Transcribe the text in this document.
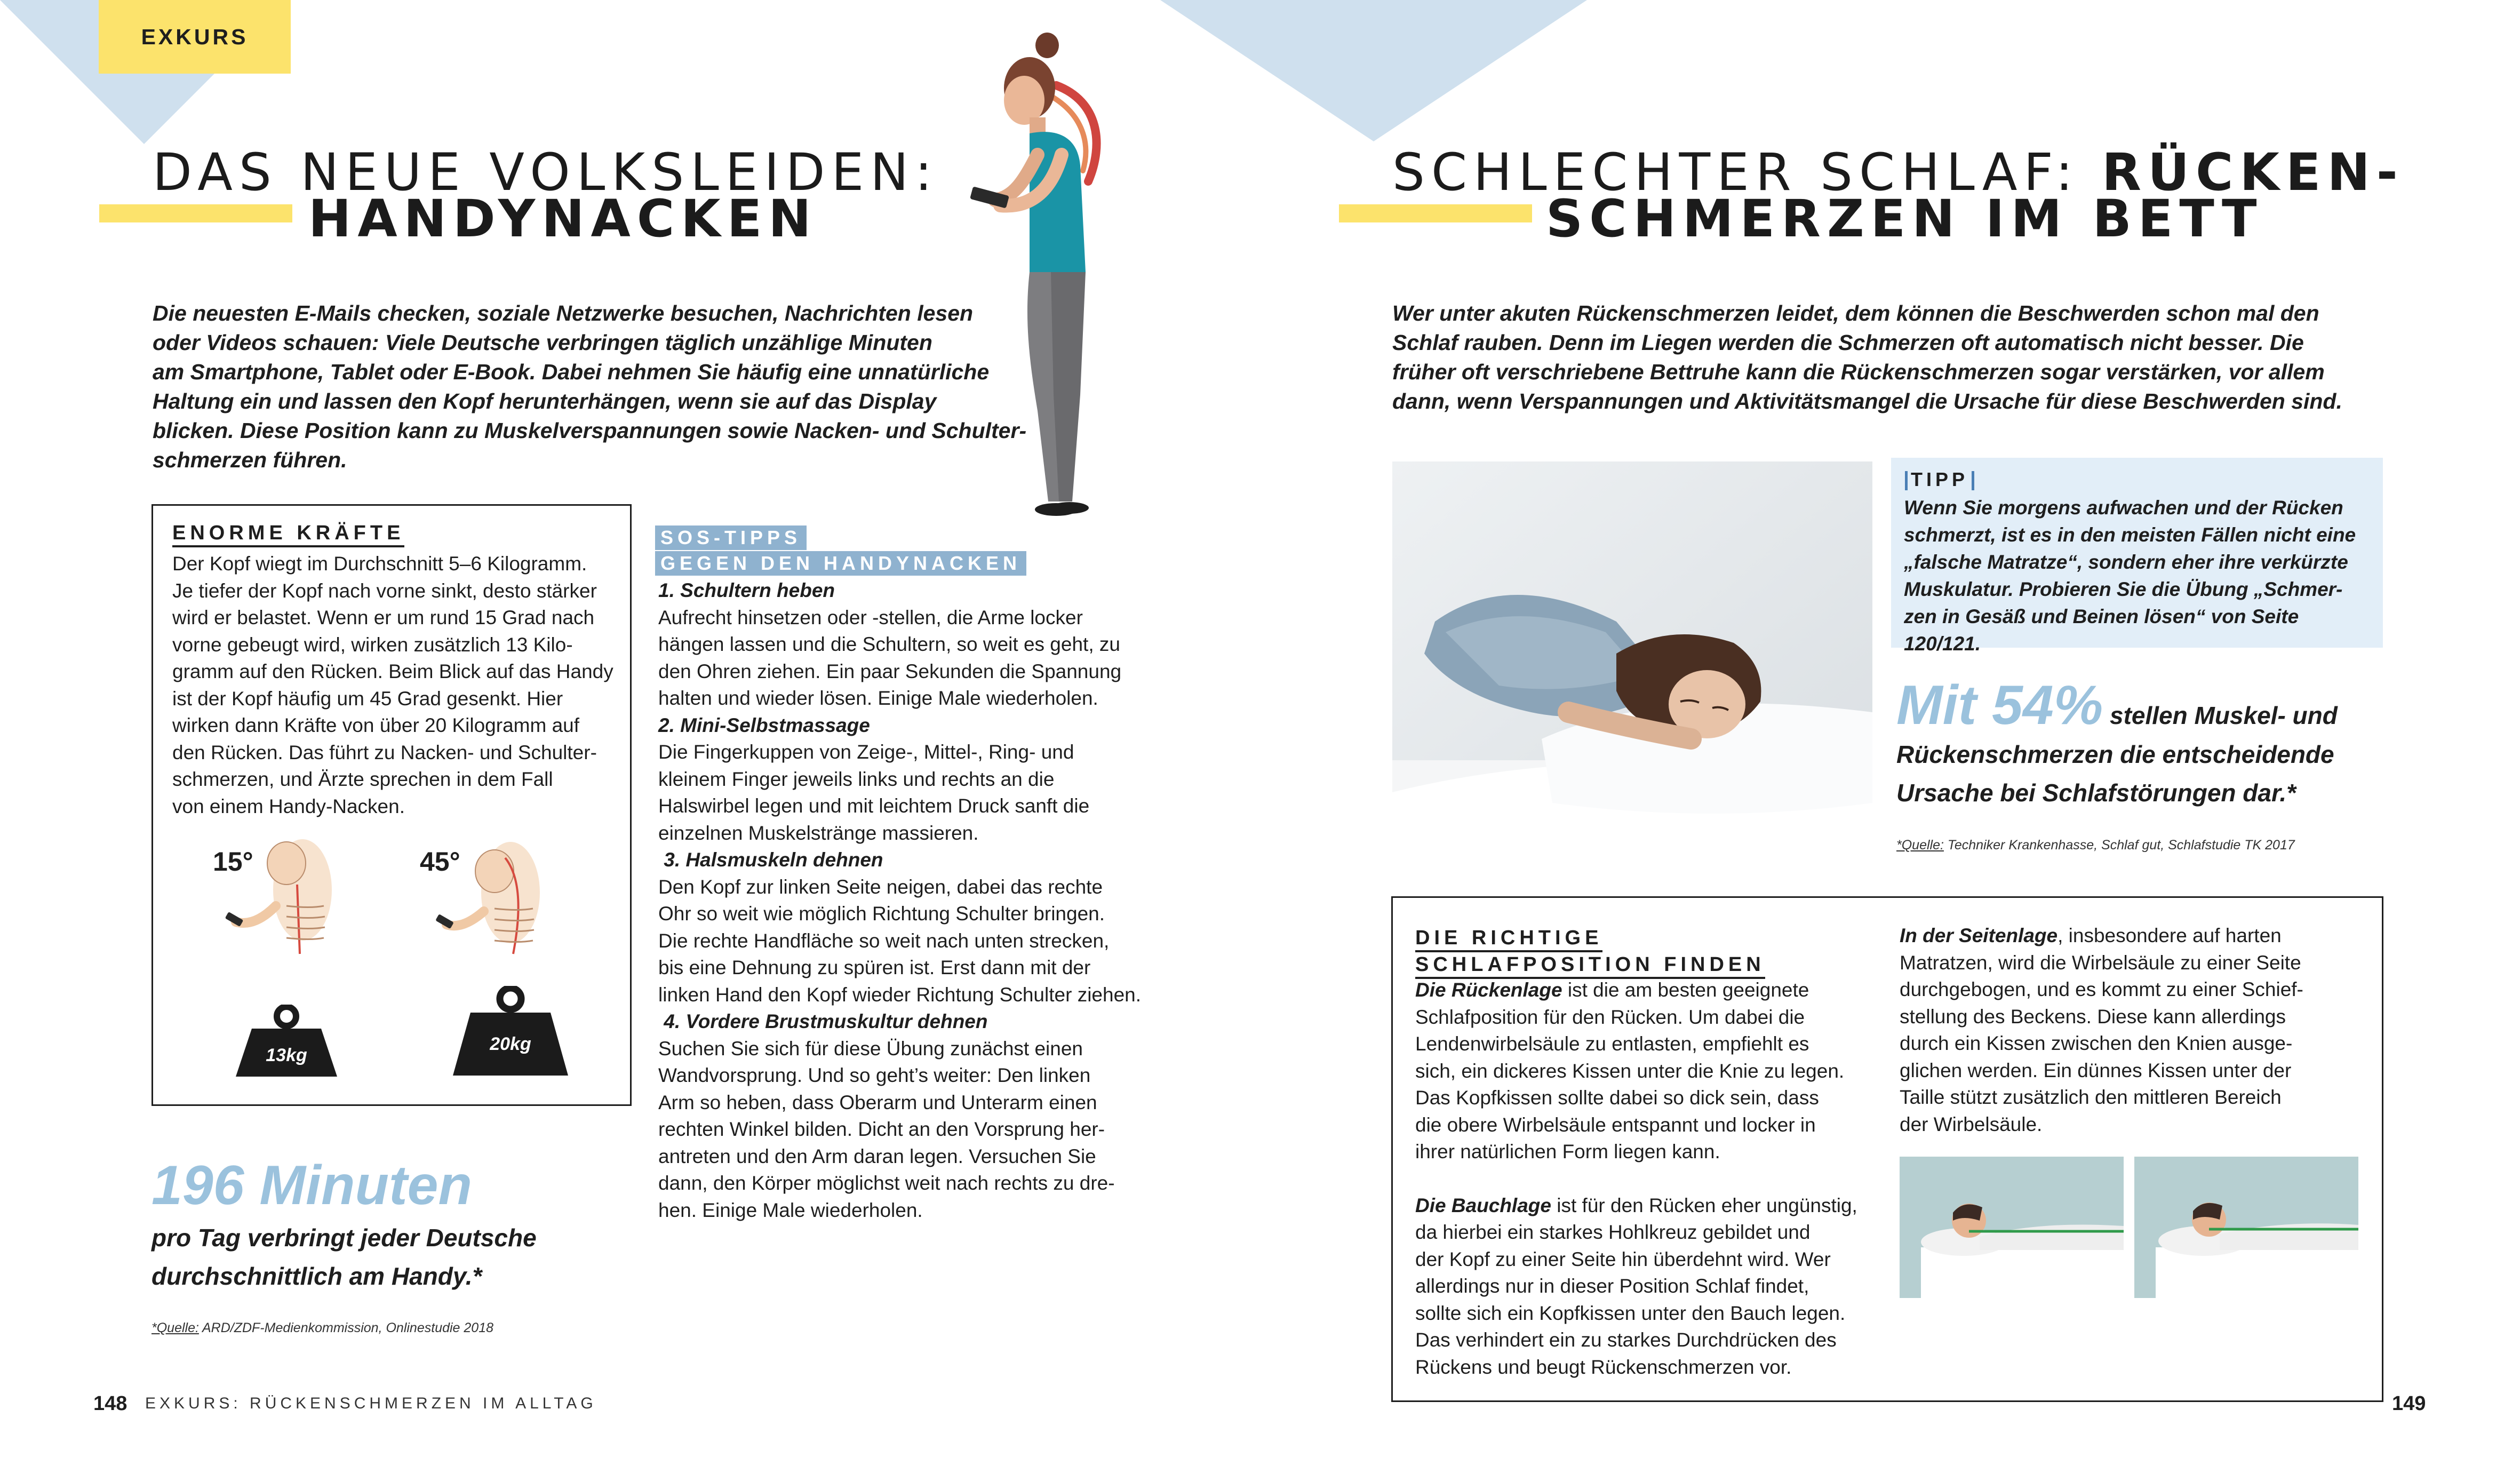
EXKURS
DAS NEUE VOLKSLEIDEN:
HANDYNACKEN
Die neuesten E-Mails checken, soziale Netzwerke besuchen, Nachrichten lesen
oder Videos schauen: Viele Deutsche verbringen täglich unzählige Minuten
am Smartphone, Tablet oder E-Book. Dabei nehmen Sie häufig eine unnatürliche
Haltung ein und lassen den Kopf herunterhängen, wenn sie auf das Display
blicken. Diese Position kann zu Muskelverspannungen sowie Nacken- und Schulter-
schmerzen führen.
ENORME KRÄFTE
Der Kopf wiegt im Durchschnitt 5–6 Kilogramm.
Je tiefer der Kopf nach vorne sinkt, desto stärker
wird er belastet. Wenn er um rund 15 Grad nach
vorne gebeugt wird, wirken zusätzlich 13 Kilo-
gramm auf den Rücken. Beim Blick auf das Handy
ist der Kopf häufig um 45 Grad gesenkt. Hier
wirken dann Kräfte von über 20 Kilogramm auf
den Rücken. Das führt zu Nacken- und Schulter-
schmerzen, und Ärzte sprechen in dem Fall
von einem Handy-Nacken.
15°	45°
13kg
20kg
SOS-TIPPS
GEGEN DEN HANDYNACKEN
1. Schultern heben
Aufrecht hinsetzen oder -stellen, die Arme locker
hängen lassen und die Schultern, so weit es geht, zu
den Ohren ziehen. Ein paar Sekunden die Spannung
halten und wieder lösen. Einige Male wiederholen.
2. Mini-Selbstmassage
Die Fingerkuppen von Zeige-, Mittel-, Ring- und
kleinem Finger jeweils links und rechts an die
Halswirbel legen und mit leichtem Druck sanft die
einzelnen Muskelstränge massieren.
3. Halsmuskeln dehnen
Den Kopf zur linken Seite neigen, dabei das rechte
Ohr so weit wie möglich Richtung Schulter bringen.
Die rechte Handfläche so weit nach unten strecken,
bis eine Dehnung zu spüren ist. Erst dann mit der
linken Hand den Kopf wieder Richtung Schulter ziehen.
4. Vordere Brustmuskultur dehnen
Suchen Sie sich für diese Übung zunächst einen
Wandvorsprung. Und so geht’s weiter: Den linken
Arm so heben, dass Oberarm und Unterarm einen
rechten Winkel bilden. Dicht an den Vorsprung her-
antreten und den Arm daran legen. Versuchen Sie
dann, den Körper möglichst weit nach rechts zu dre-
hen. Einige Male wiederholen.
196 Minuten
pro Tag verbringt jeder Deutsche
durchschnittlich am Handy.*
*Quelle: ARD/ZDF-Medienkommission, Onlinestudie 2018
148 EXKURS: RÜCKENSCHMERZEN IM ALLTAG
SCHLECHTER SCHLAF: RÜCKEN-
SCHMERZEN IM BETT
Wer unter akuten Rückenschmerzen leidet, dem können die Beschwerden schon mal den
Schlaf rauben. Denn im Liegen werden die Schmerzen oft automatisch nicht besser. Die
früher oft verschriebene Bettruhe kann die Rückenschmerzen sogar verstärken, vor allem
dann, wenn Verspannungen und Aktivitätsmangel die Ursache für diese Beschwerden sind.
TIPP
Wenn Sie morgens aufwachen und der Rücken
schmerzt, ist es in den meisten Fällen nicht eine
„falsche Matratze“, sondern eher ihre verkürzte
Muskulatur. Probieren Sie die Übung „Schmer-
zen in Gesäß und Beinen lösen“ von Seite 120/121.
Mit 54% stellen Muskel- und
Rückenschmerzen die entscheidende
Ursache bei Schlafstörungen dar.*
*Quelle: Techniker Krankenhasse, Schlaf gut, Schlafstudie TK 2017
DIE RICHTIGE
SCHLAFPOSITION FINDEN
Die Rückenlage ist die am besten geeignete
Schlafposition für den Rücken. Um dabei die
Lendenwirbelsäule zu entlasten, empfiehlt es
sich, ein dickeres Kissen unter die Knie zu legen.
Das Kopfkissen sollte dabei so dick sein, dass
die obere Wirbelsäule entspannt und locker in
ihrer natürlichen Form liegen kann.
Die Bauchlage ist für den Rücken eher ungünstig,
da hierbei ein starkes Hohlkreuz gebildet und
der Kopf zu einer Seite hin überdehnt wird. Wer
allerdings nur in dieser Position Schlaf findet,
sollte sich ein Kopfkissen unter den Bauch legen.
Das verhindert ein zu starkes Durchdrücken des
Rückens und beugt Rückenschmerzen vor.
In der Seitenlage, insbesondere auf harten
Matratzen, wird die Wirbelsäule zu einer Seite
durchgebogen, und es kommt zu einer Schief-
stellung des Beckens. Diese kann allerdings
durch ein Kissen zwischen den Knien ausge-
glichen werden. Ein dünnes Kissen unter der
Taille stützt zusätzlich den mittleren Bereich
der Wirbelsäule.
149
